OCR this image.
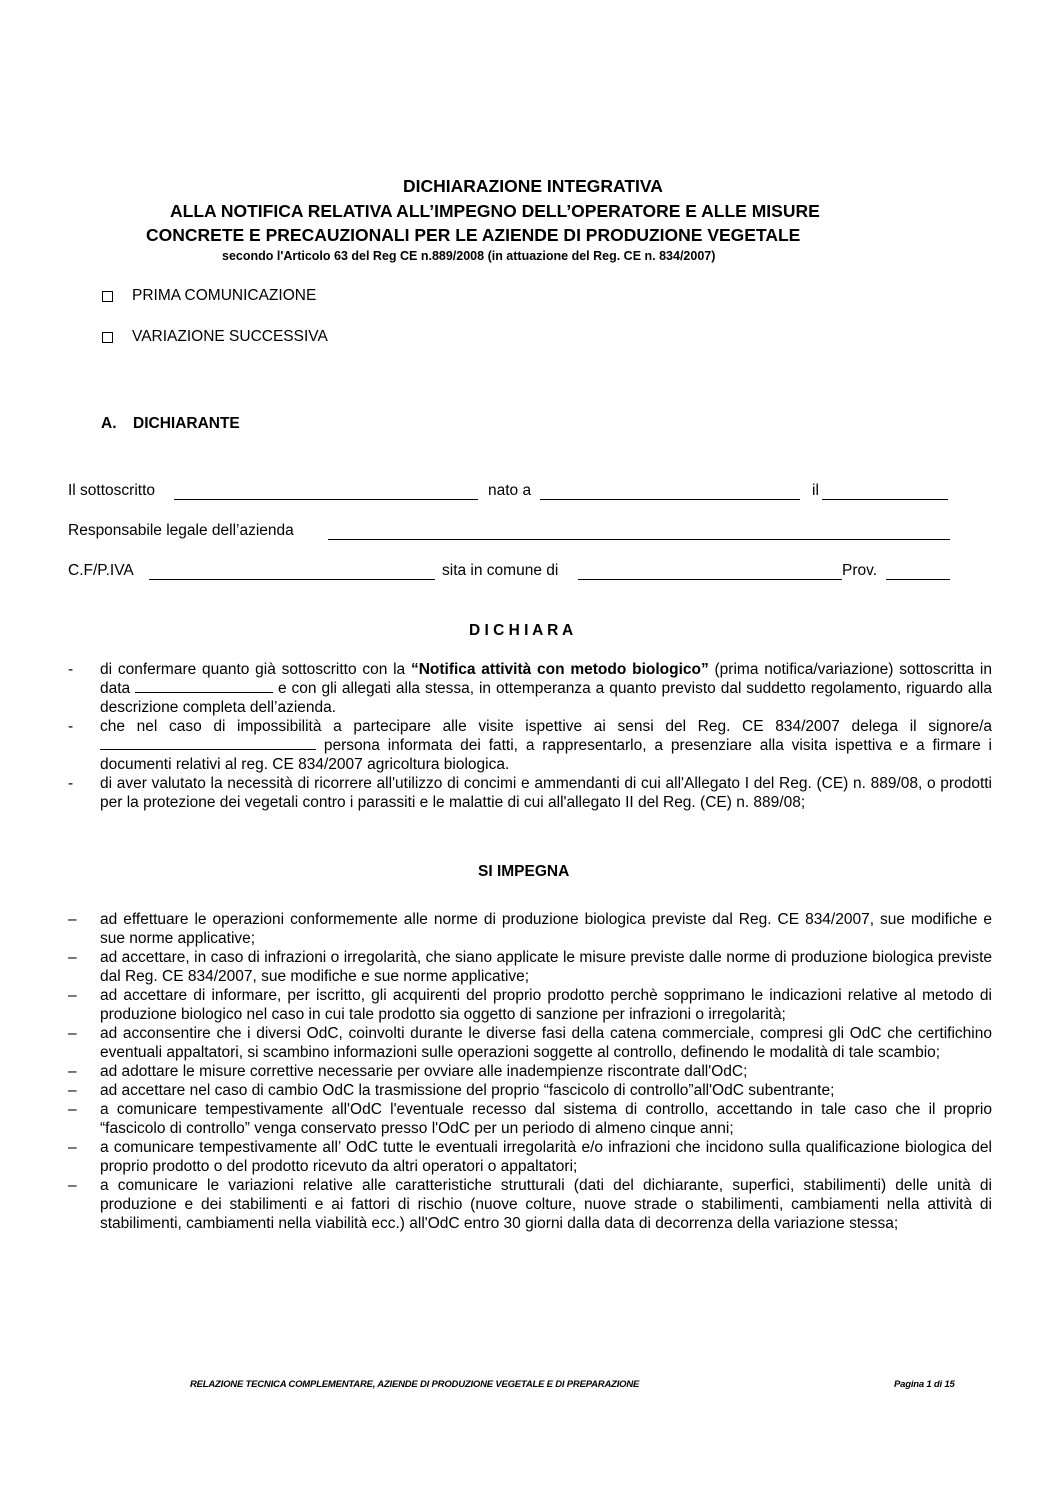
DICHIARAZIONE INTEGRATIVA
ALLA NOTIFICA RELATIVA ALL’IMPEGNO DELL’OPERATORE E ALLE MISURE
CONCRETE E PRECAUZIONALI PER LE AZIENDE DI PRODUZIONE VEGETALE
secondo l'Articolo 63 del Reg CE n.889/2008 (in attuazione del Reg. CE n. 834/2007)
PRIMA COMUNICAZIONE
VARIAZIONE SUCCESSIVA
A. DICHIARANTE
Il sottoscritto	nato a	il
Responsabile legale dell’azienda
C.F/P.IVA	sita in comune di	Prov.
D I C H I A R A
- di confermare quanto già sottoscritto con la “Notifica attività con metodo biologico” (prima notifica/variazione) sottoscritta in data	e con gli allegati alla stessa, in ottemperanza a quanto previsto dal suddetto regolamento, riguardo alla descrizione completa dell’azienda.
- che nel caso di impossibilità a partecipare alle visite ispettive ai sensi del Reg. CE 834/2007 delega il signore/a persona informata dei fatti, a rappresentarlo, a presenziare alla visita ispettiva e a firmare i documenti relativi al reg. CE 834/2007 agricoltura biologica.
- di aver valutato la necessità di ricorrere all'utilizzo di concimi e ammendanti di cui all'Allegato I del Reg. (CE) n. 889/08, o prodotti per la protezione dei vegetali contro i parassiti e le malattie di cui all'allegato II del Reg. (CE) n. 889/08;
SI IMPEGNA
– ad effettuare le operazioni conformemente alle norme di produzione biologica previste dal Reg. CE 834/2007, sue modifiche e sue norme applicative;
– ad accettare, in caso di infrazioni o irregolarità, che siano applicate le misure previste dalle norme di produzione biologica previste dal Reg. CE 834/2007, sue modifiche e sue norme applicative;
– ad accettare di informare, per iscritto, gli acquirenti del proprio prodotto perchè sopprimano le indicazioni relative al metodo di produzione biologico nel caso in cui tale prodotto sia oggetto di sanzione per infrazioni o irregolarità;
– ad acconsentire che i diversi OdC, coinvolti durante le diverse fasi della catena commerciale, compresi gli OdC che certifichino eventuali appaltatori, si scambino informazioni sulle operazioni soggette al controllo, definendo le modalità di tale scambio;
– ad adottare le misure correttive necessarie per ovviare alle inadempienze riscontrate dall'OdC;
– ad accettare nel caso di cambio OdC la trasmissione del proprio “fascicolo di controllo”all'OdC subentrante;
– a comunicare tempestivamente all'OdC l'eventuale recesso dal sistema di controllo, accettando in tale caso che il proprio “fascicolo di controllo” venga conservato presso l'OdC per un periodo di almeno cinque anni;
– a comunicare tempestivamente all’ OdC tutte le eventuali irregolarità e/o infrazioni che incidono sulla qualificazione biologica del proprio prodotto o del prodotto ricevuto da altri operatori o appaltatori;
– a comunicare le variazioni relative alle caratteristiche strutturali (dati del dichiarante, superfici, stabilimenti) delle unità di produzione e dei stabilimenti e ai fattori di rischio (nuove colture, nuove strade o stabilimenti, cambiamenti nella attività di stabilimenti, cambiamenti nella viabilità ecc.) all'OdC entro 30 giorni dalla data di decorrenza della variazione stessa;
RELAZIONE TECNICA COMPLEMENTARE, AZIENDE DI PRODUZIONE VEGETALE E DI PREPARAZIONE	Pagina 1 di 15
